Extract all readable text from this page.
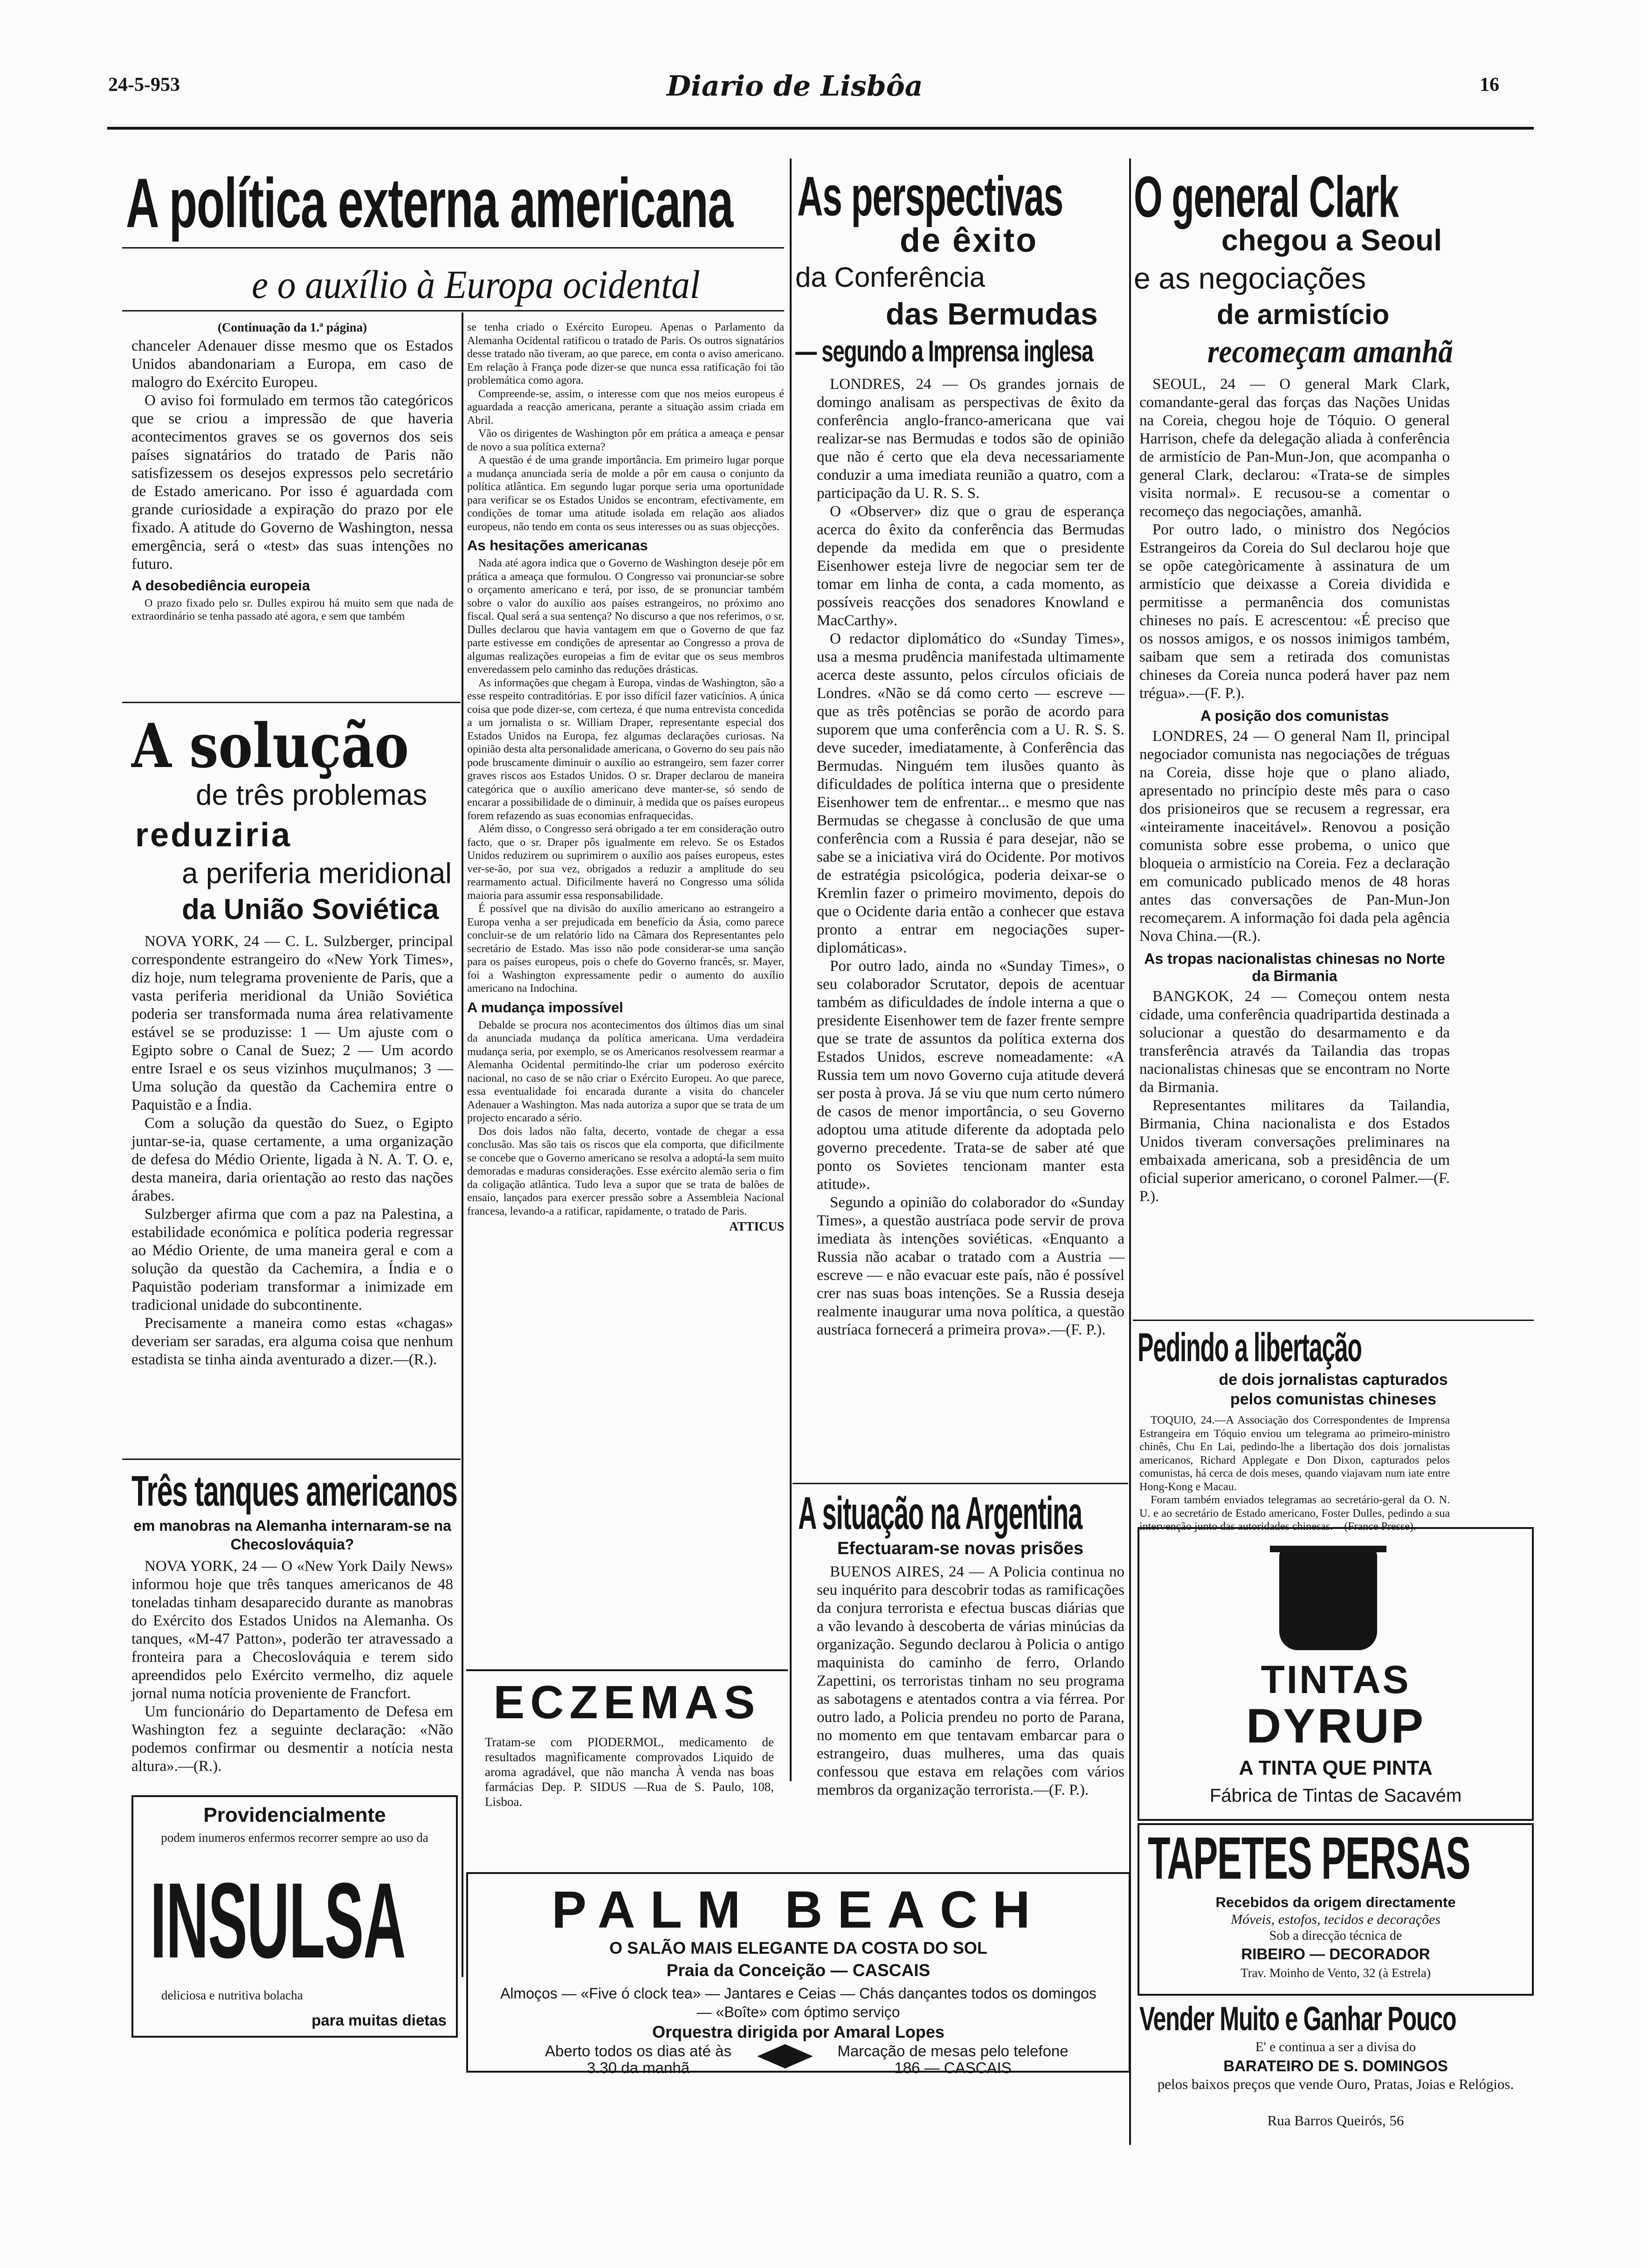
24-5-953	Diario de Lisbôa	16
A política externa americana
e o auxílio à Europa ocidental
(Continuação da 1.ª página)

chanceler Adenauer disse mesmo que os Estados Unidos abandonariam a Europa, em caso de malogro do Exército Europeu.

O aviso foi formulado em termos tão categóricos que se criou a impressão de que haveria acontecimentos graves se os governos dos seis países signatários do tratado de Paris não satisfizessem os desejos expressos pelo secretário de Estado americano. Por isso é aguardada com grande curiosidade a expiração do prazo por ele fixado. A atitude do Governo de Washington, nessa emergência, será o «test» das suas intenções no futuro.

A desobediência europeia

O prazo fixado pelo sr. Dulles expirou há muito sem que nada de extraordinário se tenha passado até agora, e sem que também

se tenha criado o Exército Europeu. Apenas o Parlamento da Alemanha Ocidental ratificou o tratado de Paris. Os outros signatários desse tratado não tiveram, ao que parece, em conta o aviso americano. Em relação à França pode dizer-se que nunca essa ratificação foi tão problemática como agora.

Compreende-se, assim, o interesse com que nos meios europeus é aguardada a reacção americana, perante a situação assim criada em Abril.

Vão os dirigentes de Washington pôr em prática a ameaça e pensar de novo a sua política externa?

A questão é de uma grande importância. Em primeiro lugar porque a mudança anunciada seria de molde a pôr em causa o conjunto da política atlântica. Em segundo lugar porque seria uma oportunidade para verificar se os Estados Unidos se encontram, efectivamente, em condições de tomar uma atitude isolada em relação aos aliados europeus, não tendo em conta os seus interesses ou as suas objecções.

As hesitações americanas

Nada até agora indica que o Governo de Washington deseje pôr em prática a ameaça que formulou. O Congresso vai pronunciar-se sobre o orçamento americano e terá, por isso, de se pronunciar também sobre o valor do auxílio aos países estrangeiros, no próximo ano fiscal. Qual será a sua sentença? No discurso a que nos referimos, o sr. Dulles declarou que havia vantagem em que o Governo de que faz parte estivesse em condições de apresentar ao Congresso a prova de algumas realizações europeias a fim de evitar que os seus membros enveredassem pelo caminho das reduções drásticas.

As informações que chegam à Europa, vindas de Washington, são a esse respeito contraditórias. E por isso difícil fazer vaticínios. A única coisa que pode dizer-se, com certeza, é que numa entrevista concedida a um jornalista o sr. William Draper, representante especial dos Estados Unidos na Europa, fez algumas declarações curiosas. Na opinião desta alta personalidade americana, o Governo do seu país não pode bruscamente diminuir o auxílio ao estrangeiro, sem fazer correr graves riscos aos Estados Unidos. O sr. Draper declarou de maneira categórica que o auxílio americano deve manter-se, só sendo de encarar a possibilidade de o diminuir, à medida que os países europeus forem refazendo as suas economias enfraquecidas.

Além disso, o Congresso será obrigado a ter em consideração outro facto, que o sr. Draper pôs igualmente em relevo. Se os Estados Unidos reduzirem ou suprimirem o auxílio aos países europeus, estes ver-se-ão, por sua vez, obrigados a reduzir a amplitude do seu rearmamento actual. Dificilmente haverá no Congresso uma sólida maioria para assumir essa responsabilidade.

É possível que na divisão do auxílio americano ao estrangeiro a Europa venha a ser prejudicada em benefício da Ásia, como parece concluir-se de um relatório lido na Câmara dos Representantes pelo secretário de Estado. Mas isso não pode considerar-se uma sanção para os países europeus, pois o chefe do Governo francês, sr. Mayer, foi a Washington expressamente pedir o aumento do auxílio americano na Indochina.

A mudança impossível

Debalde se procura nos acontecimentos dos últimos dias um sinal da anunciada mudança da política americana. Uma verdadeira mudança seria, por exemplo, se os Americanos resolvessem rearmar a Alemanha Ocidental permitindo-lhe criar um poderoso exército nacional, no caso de se não criar o Exército Europeu. Ao que parece, essa eventualidade foi encarada durante a visita do chanceler Adenauer a Washington. Mas nada autoriza a supor que se trata de um projecto encarado a sério.

Dos dois lados não falta, decerto, vontade de chegar a essa conclusão. Mas são tais os riscos que ela comporta, que dificilmente se concebe que o Governo americano se resolva a adoptá-la sem muito demoradas e maduras considerações. Esse exército alemão seria o fim da coligação atlântica. Tudo leva a supor que se trata de balões de ensaio, lançados para exercer pressão sobre a Assembleia Nacional francesa, levando-a a ratificar, rapidamente, o tratado de Paris.

ATTICUS
A solução
de três problemas
reduziria
a periferia meridional
da União Soviética

NOVA YORK, 24 — C. L. Sulzberger, principal correspondente estrangeiro do «New York Times», diz hoje, num telegrama proveniente de Paris, que a vasta periferia meridional da União Soviética poderia ser transformada numa área relativamente estável se se produzisse: 1 — Um ajuste com o Egipto sobre o Canal de Suez; 2 — Um acordo entre Israel e os seus vizinhos muçulmanos; 3 — Uma solução da questão da Cachemira entre o Paquistão e a Índia.

Com a solução da questão do Suez, o Egipto juntar-se-ia, quase certamente, a uma organização de defesa do Médio Oriente, ligada à N. A. T. O. e, desta maneira, daria orientação ao resto das nações árabes.

Sulzberger afirma que com a paz na Palestina, a estabilidade económica e política poderia regressar ao Médio Oriente, de uma maneira geral e com a solução da questão da Cachemira, a Índia e o Paquistão poderiam transformar a inimizade em tradicional unidade do subcontinente.

Precisamente a maneira como estas «chagas» deveriam ser saradas, era alguma coisa que nenhum estadista se tinha ainda aventurado a dizer.—(R.).

Três tanques americanos
em manobras na Alemanha internaram-se na Checoslováquia?

NOVA YORK, 24 — O «New York Daily News» informou hoje que três tanques americanos de 48 toneladas tinham desaparecido durante as manobras do Exército dos Estados Unidos na Alemanha. Os tanques, «M-47 Patton», poderão ter atravessado a fronteira para a Checoslováquia e terem sido apreendidos pelo Exército vermelho, diz aquele jornal numa notícia proveniente de Francfort.

Um funcionário do Departamento de Defesa em Washington fez a seguinte declaração: «Não podemos confirmar ou desmentir a notícia nesta altura».—(R.).

Providencialmente
podem inumeros enfermos recorrer sempre ao uso da
INSULSA
deliciosa e nutritiva bolacha
para muitas dietas
As perspectivas
de êxito
da Conferência
das Bermudas
— segundo a Imprensa inglesa

LONDRES, 24 — Os grandes jornais de domingo analisam as perspectivas de êxito da conferência anglo-franco-americana que vai realizar-se nas Bermudas e todos são de opinião que não é certo que ela deva necessariamente conduzir a uma imediata reunião a quatro, com a participação da U. R. S. S.

O «Observer» diz que o grau de esperança acerca do êxito da conferência das Bermudas depende da medida em que o presidente Eisenhower esteja livre de negociar sem ter de tomar em linha de conta, a cada momento, as possíveis reacções dos senadores Knowland e MacCarthy».

O redactor diplomático do «Sunday Times», usa a mesma prudência manifestada ultimamente acerca deste assunto, pelos círculos oficiais de Londres. «Não se dá como certo — escreve — que as três potências se porão de acordo para suporem que uma conferência com a U. R. S. S. deve suceder, imediatamente, à Conferência das Bermudas. Ninguém tem ilusões quanto às dificuldades de política interna que o presidente Eisenhower tem de enfrentar... e mesmo que nas Bermudas se chegasse à conclusão de que uma conferência com a Russia é para desejar, não se sabe se a iniciativa virá do Ocidente. Por motivos de estratégia psicológica, poderia deixar-se o Kremlin fazer o primeiro movimento, depois do que o Ocidente daria então a conhecer que estava pronto a entrar em negociações super-diplomáticas».

Por outro lado, ainda no «Sunday Times», o seu colaborador Scrutator, depois de acentuar também as dificuldades de índole interna a que o presidente Eisenhower tem de fazer frente sempre que se trate de assuntos da política externa dos Estados Unidos, escreve nomeadamente: «A Russia tem um novo Governo cuja atitude deverá ser posta à prova. Já se viu que num certo número de casos de menor importância, o seu Governo adoptou uma atitude diferente da adoptada pelo governo precedente. Trata-se de saber até que ponto os Sovietes tencionam manter esta atitude».

Segundo a opinião do colaborador do «Sunday Times», a questão austríaca pode servir de prova imediata às intenções soviéticas. «Enquanto a Russia não acabar o tratado com a Austria — escreve — e não evacuar este país, não é possível crer nas suas boas intenções. Se a Russia deseja realmente inaugurar uma nova política, a questão austríaca fornecerá a primeira prova».—(F. P.).

A situação na Argentina
Efectuaram-se novas prisões

BUENOS AIRES, 24 — A Policia continua no seu inquérito para descobrir todas as ramificações da conjura terrorista e efectua buscas diárias que a vão levando à descoberta de várias minúcias da organização. Segundo declarou à Policia o antigo maquinista do caminho de ferro, Orlando Zapettini, os terroristas tinham no seu programa as sabotagens e atentados contra a via férrea. Por outro lado, a Policia prendeu no porto de Parana, no momento em que tentavam embarcar para o estrangeiro, duas mulheres, uma das quais confessou que estava em relações com vários membros da organização terrorista.—(F. P.).

ECZEMAS

Tratam-se com PIODERMOL, medicamento de resultados magnìficamente comprovados Liquido de aroma agradável, que não mancha À venda nas boas farmácias Dep. P. SIDUS —Rua de S. Paulo, 108, Lisboa.

PALM BEACH
O SALÃO MAIS ELEGANTE DA COSTA DO SOL
Praia da Conceição — CASCAIS
Almoços — «Five ó clock tea» — Jantares e Ceias — Chás dançantes todos os domingos — «Boîte» com óptimo serviço
Orquestra dirigida por Amaral Lopes
Aberto todos os dias até às 3.30 da manhã
Marcação de mesas pelo telefone 186 — CASCAIS
O general Clark
chegou a Seoul
e as negociações
de armistício
recomeçam amanhã

SEOUL, 24 — O general Mark Clark, comandante-geral das forças das Nações Unidas na Coreia, chegou hoje de Tóquio. O general Harrison, chefe da delegação aliada à conferência de armistício de Pan-Mun-Jon, que acompanha o general Clark, declarou: «Trata-se de simples visita normal». E recusou-se a comentar o recomeço das negociações, amanhã.

Por outro lado, o ministro dos Negócios Estrangeiros da Coreia do Sul declarou hoje que se opõe categòricamente à assinatura de um armistício que deixasse a Coreia dividida e permitisse a permanência dos comunistas chineses no país. E acrescentou: «É preciso que os nossos amigos, e os nossos inimigos também, saibam que sem a retirada dos comunistas chineses da Coreia nunca poderá haver paz nem trégua».—(F. P.).

A posição dos comunistas

LONDRES, 24 — O general Nam Il, principal negociador comunista nas negociações de tréguas na Coreia, disse hoje que o plano aliado, apresentado no princípio deste mês para o caso dos prisioneiros que se recusem a regressar, era «inteiramente inaceitável». Renovou a posição comunista sobre esse probema, o unico que bloqueia o armistício na Coreia. Fez a declaração em comunicado publicado menos de 48 horas antes das conversações de Pan-Mun-Jon recomeçarem. A informação foi dada pela agência Nova China.—(R.).

As tropas nacionalistas chinesas no Norte da Birmania

BANGKOK, 24 — Começou ontem nesta cidade, uma conferência quadripartida destinada a solucionar a questão do desarmamento e da transferência através da Tailandia das tropas nacionalistas chinesas que se encontram no Norte da Birmania.

Representantes militares da Tailandia, Birmania, China nacionalista e dos Estados Unidos tiveram conversações preliminares na embaixada americana, sob a presidência de um oficial superior americano, o coronel Palmer.—(F. P.).

Pedindo a libertação
de dois jornalistas capturados
pelos comunistas chineses

TOQUIO, 24.—A Associação dos Correspondentes de Imprensa Estrangeira em Tóquio enviou um telegrama ao primeiro-ministro chinês, Chu En Lai, pedindo-lhe a libertação dos dois jornalistas americanos, Richard Applegate e Don Dixon, capturados pelos comunistas, há cerca de dois meses, quando viajavam num iate entre Hong-Kong e Macau.

Foram também enviados telegramas ao secretário-geral da O. N. U. e ao secretário de Estado americano, Foster Dulles, pedindo a sua intervenção junto das autoridades chinesas.—(France Presse).

TINTAS
DYRUP
A TINTA QUE PINTA
Fábrica de Tintas de Sacavém
TAPETES PERSAS
Recebidos da origem directamente
Móveis, estofos, tecidos e decorações
Sob a direcção técnica de
RIBEIRO — DECORADOR
Trav. Moinho de Vento, 32 (à Estrela)
Vender Muito e Ganhar Pouco
E' e continua a ser a divisa do
BARATEIRO DE S. DOMINGOS
pelos baixos preços que vende Ouro, Pratas, Joias e Relógios.
Rua Barros Queirós, 56
